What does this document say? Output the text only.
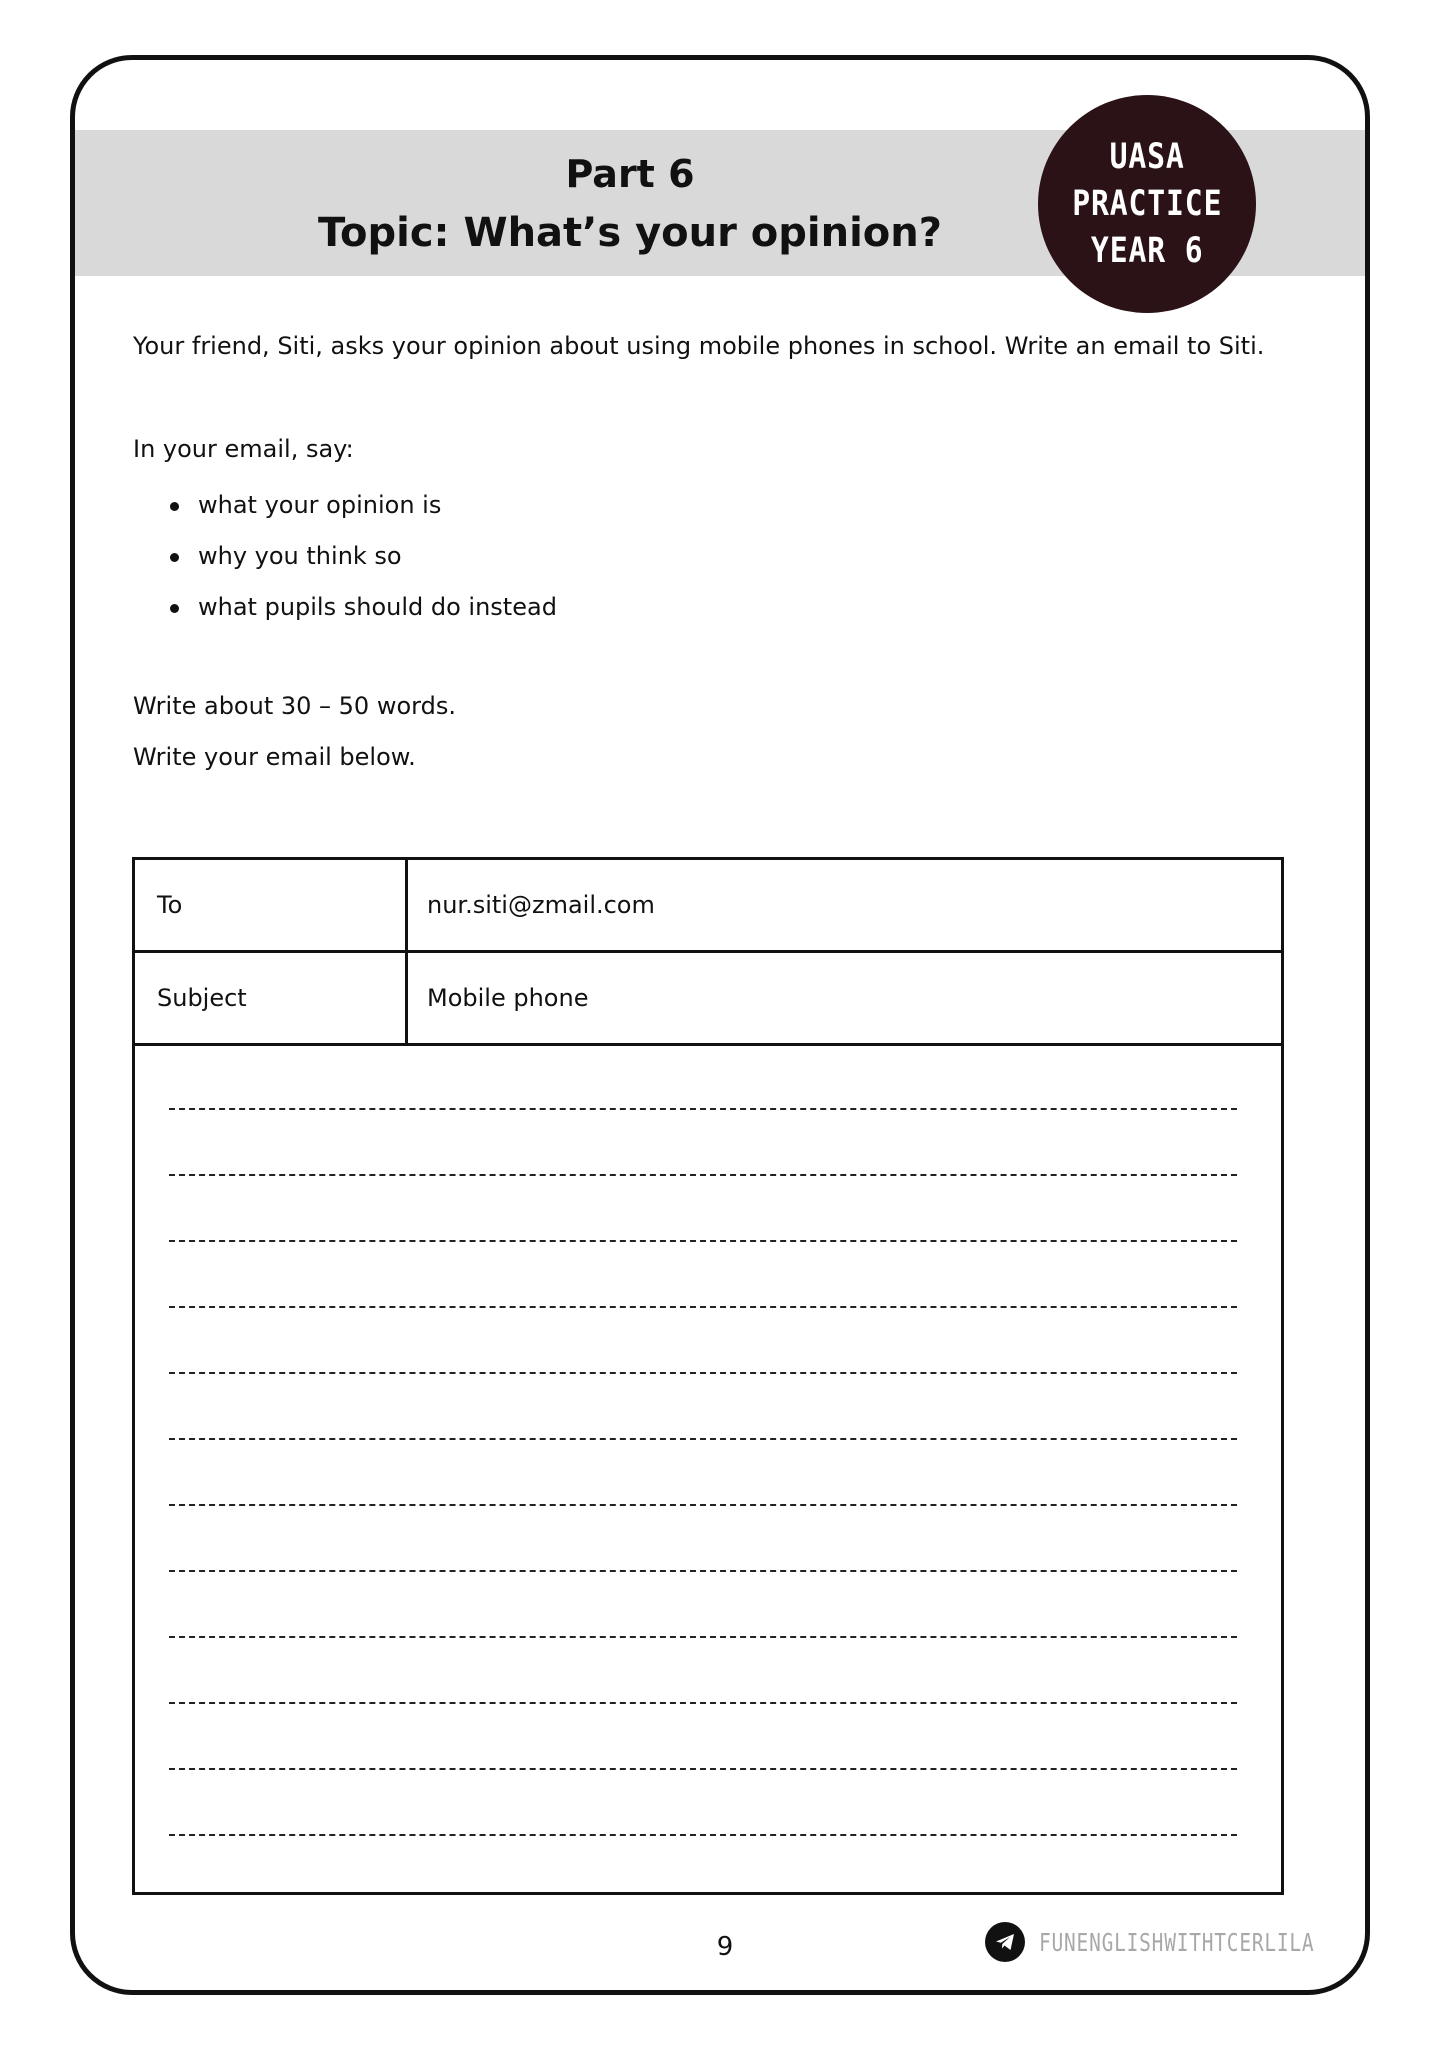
Part 6
Topic: What’s your opinion?
UASA
PRACTICE
YEAR 6
Your friend, Siti, asks your opinion about using mobile phones in school. Write an email to Siti.
In your email, say:
what your opinion is
why you think so
what pupils should do instead
Write about 30 – 50 words.
Write your email below.
To	nur.siti@zmail.com
Subject	Mobile phone
9	FUNENGLISHWITHTCERLILA
